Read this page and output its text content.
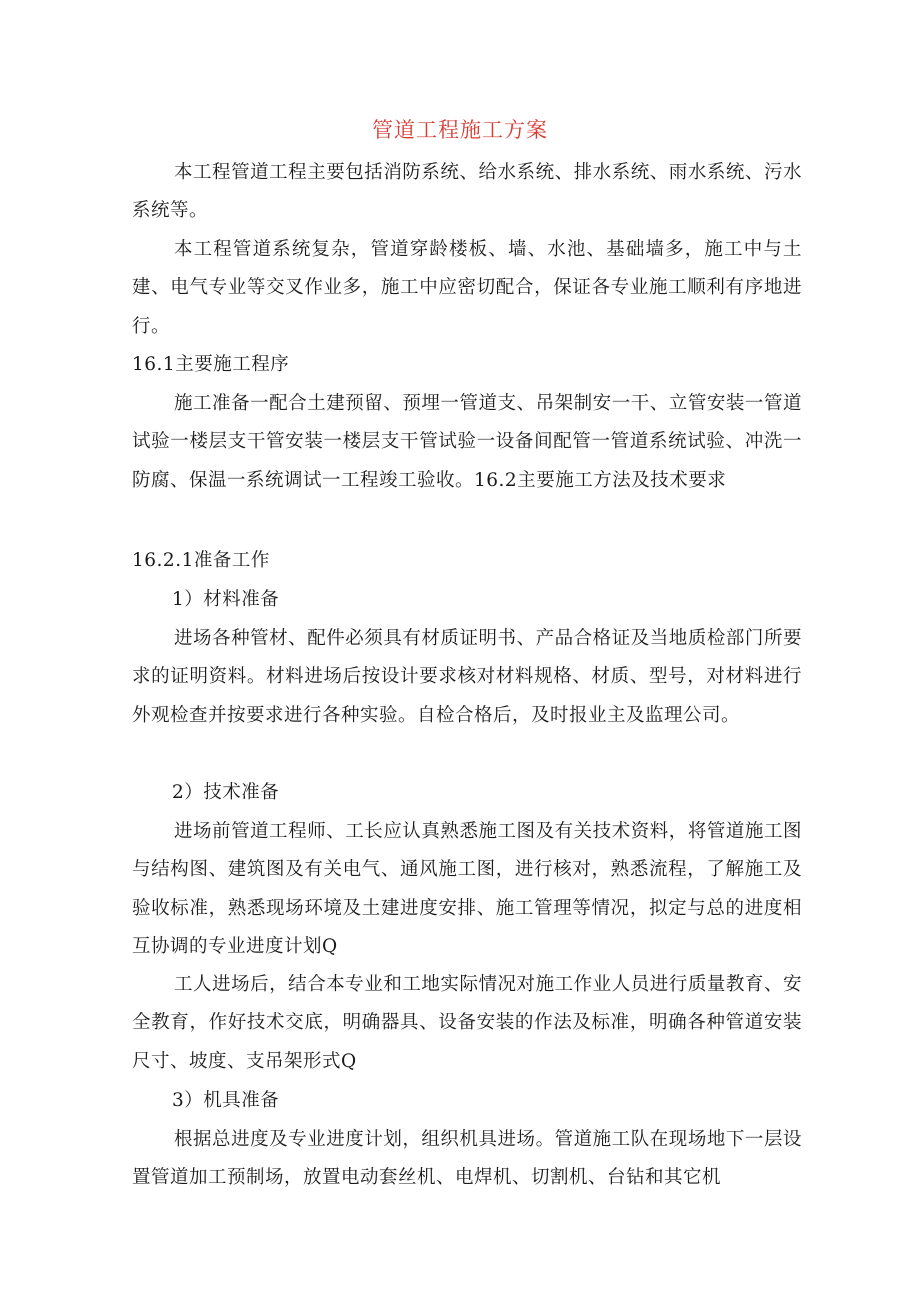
管道工程施工方案

本工程管道工程主要包括消防系统、给水系统、排水系统、雨水系统、污水系统等。

本工程管道系统复杂，管道穿龄楼板、墙、水池、基础墙多，施工中与土建、电气专业等交叉作业多，施工中应密切配合，保证各专业施工顺利有序地进行。

16.1主要施工程序

施工准备一配合土建预留、预埋一管道支、吊架制安一干、立管安装一管道试验一楼层支干管安装一楼层支干管试验一设备间配管一管道系统试验、冲洗一防腐、保温一系统调试一工程竣工验收。16.2主要施工方法及技术要求

16.2.1准备工作
1）材料准备

进场各种管材、配件必须具有材质证明书、产品合格证及当地质检部门所要求的证明资料。材料进场后按设计要求核对材料规格、材质、型号，对材料进行外观检查并按要求进行各种实验。自检合格后，及时报业主及监理公司。

2）技术准备

进场前管道工程师、工长应认真熟悉施工图及有关技术资料，将管道施工图与结构图、建筑图及有关电气、通风施工图，进行核对，熟悉流程，了解施工及验收标准，熟悉现场环境及土建进度安排、施工管理等情况，拟定与总的进度相互协调的专业进度计划Q

工人进场后，结合本专业和工地实际情况对施工作业人员进行质量教育、安全教育，作好技术交底，明确器具、设备安装的作法及标准，明确各种管道安装尺寸、坡度、支吊架形式Q

3）机具准备

根据总进度及专业进度计划，组织机具进场。管道施工队在现场地下一层设置管道加工预制场，放置电动套丝机、电焊机、切割机、台钻和其它机
